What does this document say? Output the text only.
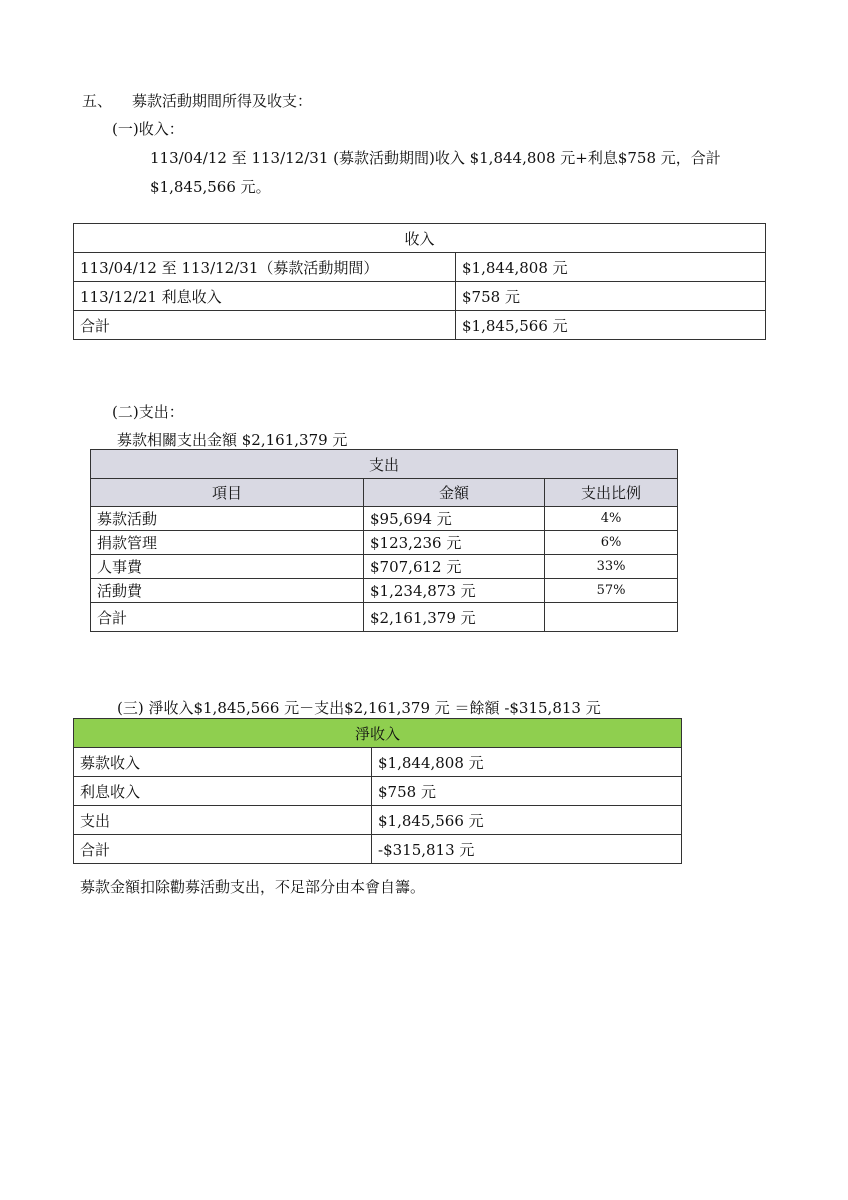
五、 募款活動期間所得及收支：
(一)收入：
113/04/12 至 113/12/31 (募款活動期間)收入 $1,844,808 元+利息$758 元，合計
$1,845,566 元。
收入	
113/04/12 至 113/12/31（募款活動期間）	$1,844,808 元
113/12/21 利息收入	$758 元
合計	$1,845,566 元
(二)支出：
募款相關支出金額 $2,161,379 元
支出		
項目	金額	支出比例
募款活動	$95,694 元	4%
捐款管理	$123,236 元	6%
人事費	$707,612 元	33%
活動費	$1,234,873 元	57%
合計	$2,161,379 元	
(三) 淨收入$1,845,566 元－支出$2,161,379 元 ＝餘額 -$315,813 元
淨收入	
募款收入	$1,844,808 元
利息收入	$758 元
支出	$1,845,566 元
合計	-$315,813 元
募款金額扣除勸募活動支出，不足部分由本會自籌。
